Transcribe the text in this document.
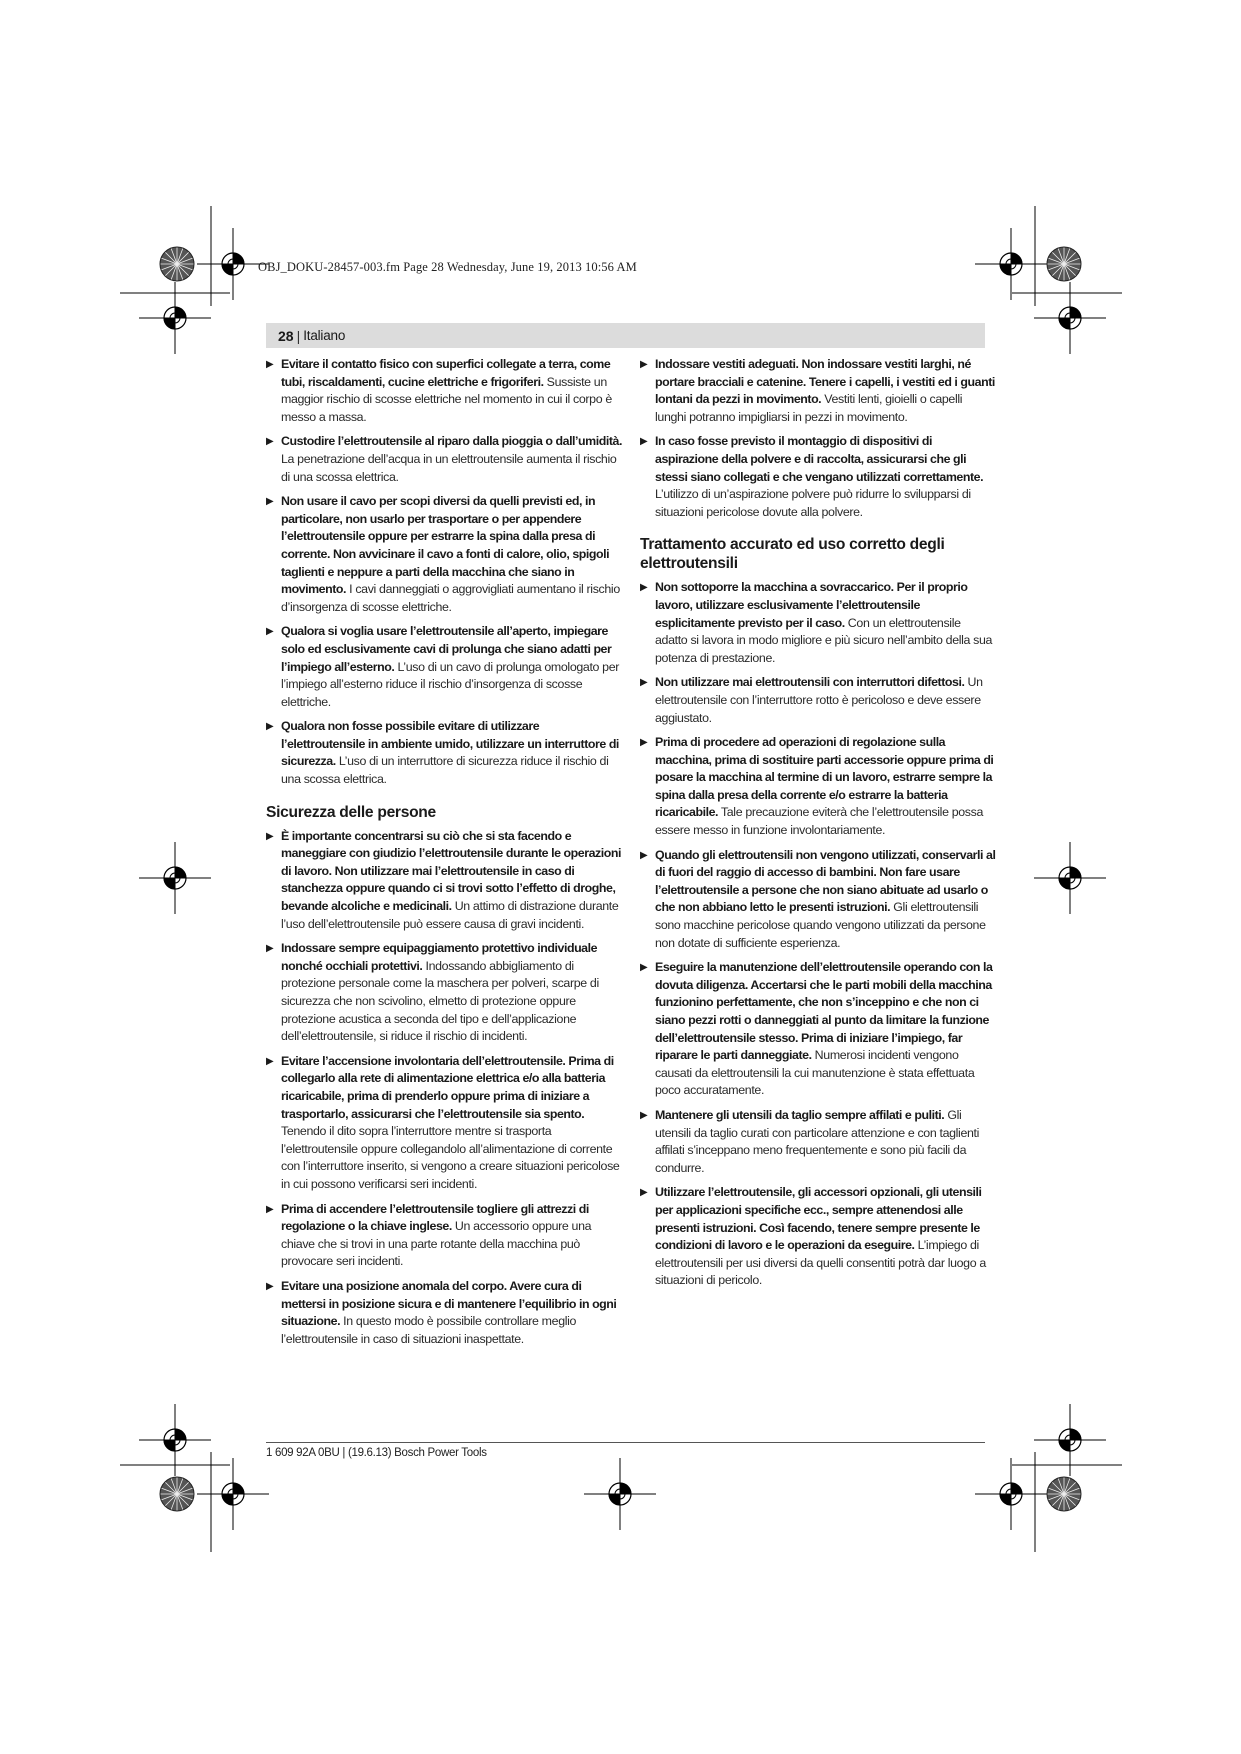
OBJ_DOKU-28457-003.fm Page 28 Wednesday, June 19, 2013 10:56 AM
28 | Italiano
▶ Evitare il contatto fisico con superfici collegate a terra, come tubi, riscaldamenti, cucine elettriche e frigoriferi. Sussiste un maggior rischio di scosse elettriche nel momento in cui il corpo è messo a massa.
▶ Custodire l’elettroutensile al riparo dalla pioggia o dall’umidità. La penetrazione dell’acqua in un elettroutensile aumenta il rischio di una scossa elettrica.
▶ Non usare il cavo per scopi diversi da quelli previsti ed, in particolare, non usarlo per trasportare o per appendere l’elettroutensile oppure per estrarre la spina dalla presa di corrente. Non avvicinare il cavo a fonti di calore, olio, spigoli taglienti e neppure a parti della macchina che siano in movimento. I cavi danneggiati o aggrovigliati aumentano il rischio d’insorgenza di scosse elettriche.
▶ Qualora si voglia usare l’elettroutensile all’aperto, impiegare solo ed esclusivamente cavi di prolunga che siano adatti per l’impiego all’esterno. L’uso di un cavo di prolunga omologato per l’impiego all’esterno riduce il rischio d’insorgenza di scosse elettriche.
▶ Qualora non fosse possibile evitare di utilizzare l’elettroutensile in ambiente umido, utilizzare un interruttore di sicurezza. L’uso di un interruttore di sicurezza riduce il rischio di una scossa elettrica.
Sicurezza delle persone
▶ È importante concentrarsi su ciò che si sta facendo e maneggiare con giudizio l’elettroutensile durante le operazioni di lavoro. Non utilizzare mai l’elettroutensile in caso di stanchezza oppure quando ci si trovi sotto l’effetto di droghe, bevande alcoliche e medicinali. Un attimo di distrazione durante l’uso dell’elettroutensile può essere causa di gravi incidenti.
▶ Indossare sempre equipaggiamento protettivo individuale nonché occhiali protettivi. Indossando abbigliamento di protezione personale come la maschera per polveri, scarpe di sicurezza che non scivolino, elmetto di protezione oppure protezione acustica a seconda del tipo e dell’applicazione dell’elettroutensile, si riduce il rischio di incidenti.
▶ Evitare l’accensione involontaria dell’elettroutensile. Prima di collegarlo alla rete di alimentazione elettrica e/o alla batteria ricaricabile, prima di prenderlo oppure prima di iniziare a trasportarlo, assicurarsi che l’elettroutensile sia spento. Tenendo il dito sopra l’interruttore mentre si trasporta l’elettroutensile oppure collegandolo all’alimentazione di corrente con l’interruttore inserito, si vengono a creare situazioni pericolose in cui possono verificarsi seri incidenti.
▶ Prima di accendere l’elettroutensile togliere gli attrezzi di regolazione o la chiave inglese. Un accessorio oppure una chiave che si trovi in una parte rotante della macchina può provocare seri incidenti.
▶ Evitare una posizione anomala del corpo. Avere cura di mettersi in posizione sicura e di mantenere l’equilibrio in ogni situazione. In questo modo è possibile controllare meglio l’elettroutensile in caso di situazioni inaspettate.
▶ Indossare vestiti adeguati. Non indossare vestiti larghi, né portare bracciali e catenine. Tenere i capelli, i vestiti ed i guanti lontani da pezzi in movimento. Vestiti lenti, gioielli o capelli lunghi potranno impigliarsi in pezzi in movimento.
▶ In caso fosse previsto il montaggio di dispositivi di aspirazione della polvere e di raccolta, assicurarsi che gli stessi siano collegati e che vengano utilizzati correttamente. L’utilizzo di un’aspirazione polvere può ridurre lo svilupparsi di situazioni pericolose dovute alla polvere.
Trattamento accurato ed uso corretto degli elettroutensili
▶ Non sottoporre la macchina a sovraccarico. Per il proprio lavoro, utilizzare esclusivamente l’elettroutensile esplicitamente previsto per il caso. Con un elettroutensile adatto si lavora in modo migliore e più sicuro nell’ambito della sua potenza di prestazione.
▶ Non utilizzare mai elettroutensili con interruttori difettosi. Un elettroutensile con l’interruttore rotto è pericoloso e deve essere aggiustato.
▶ Prima di procedere ad operazioni di regolazione sulla macchina, prima di sostituire parti accessorie oppure prima di posare la macchina al termine di un lavoro, estrarre sempre la spina dalla presa della corrente e/o estrarre la batteria ricaricabile. Tale precauzione eviterà che l’elettroutensile possa essere messo in funzione involontariamente.
▶ Quando gli elettroutensili non vengono utilizzati, conservarli al di fuori del raggio di accesso di bambini. Non fare usare l’elettroutensile a persone che non siano abituate ad usarlo o che non abbiano letto le presenti istruzioni. Gli elettroutensili sono macchine pericolose quando vengono utilizzati da persone non dotate di sufficiente esperienza.
▶ Eseguire la manutenzione dell’elettroutensile operando con la dovuta diligenza. Accertarsi che le parti mobili della macchina funzionino perfettamente, che non s’inceppino e che non ci siano pezzi rotti o danneggiati al punto da limitare la funzione dell’elettroutensile stesso. Prima di iniziare l’impiego, far riparare le parti danneggiate. Numerosi incidenti vengono causati da elettroutensili la cui manutenzione è stata effettuata poco accuratamente.
▶ Mantenere gli utensili da taglio sempre affilati e puliti. Gli utensili da taglio curati con particolare attenzione e con taglienti affilati s’inceppano meno frequentemente e sono più facili da condurre.
▶ Utilizzare l’elettroutensile, gli accessori opzionali, gli utensili per applicazioni specifiche ecc., sempre attenendosi alle presenti istruzioni. Così facendo, tenere sempre presente le condizioni di lavoro e le operazioni da eseguire. L’impiego di elettroutensili per usi diversi da quelli consentiti potrà dar luogo a situazioni di pericolo.
1 609 92A 0BU | (19.6.13) Bosch Power Tools
